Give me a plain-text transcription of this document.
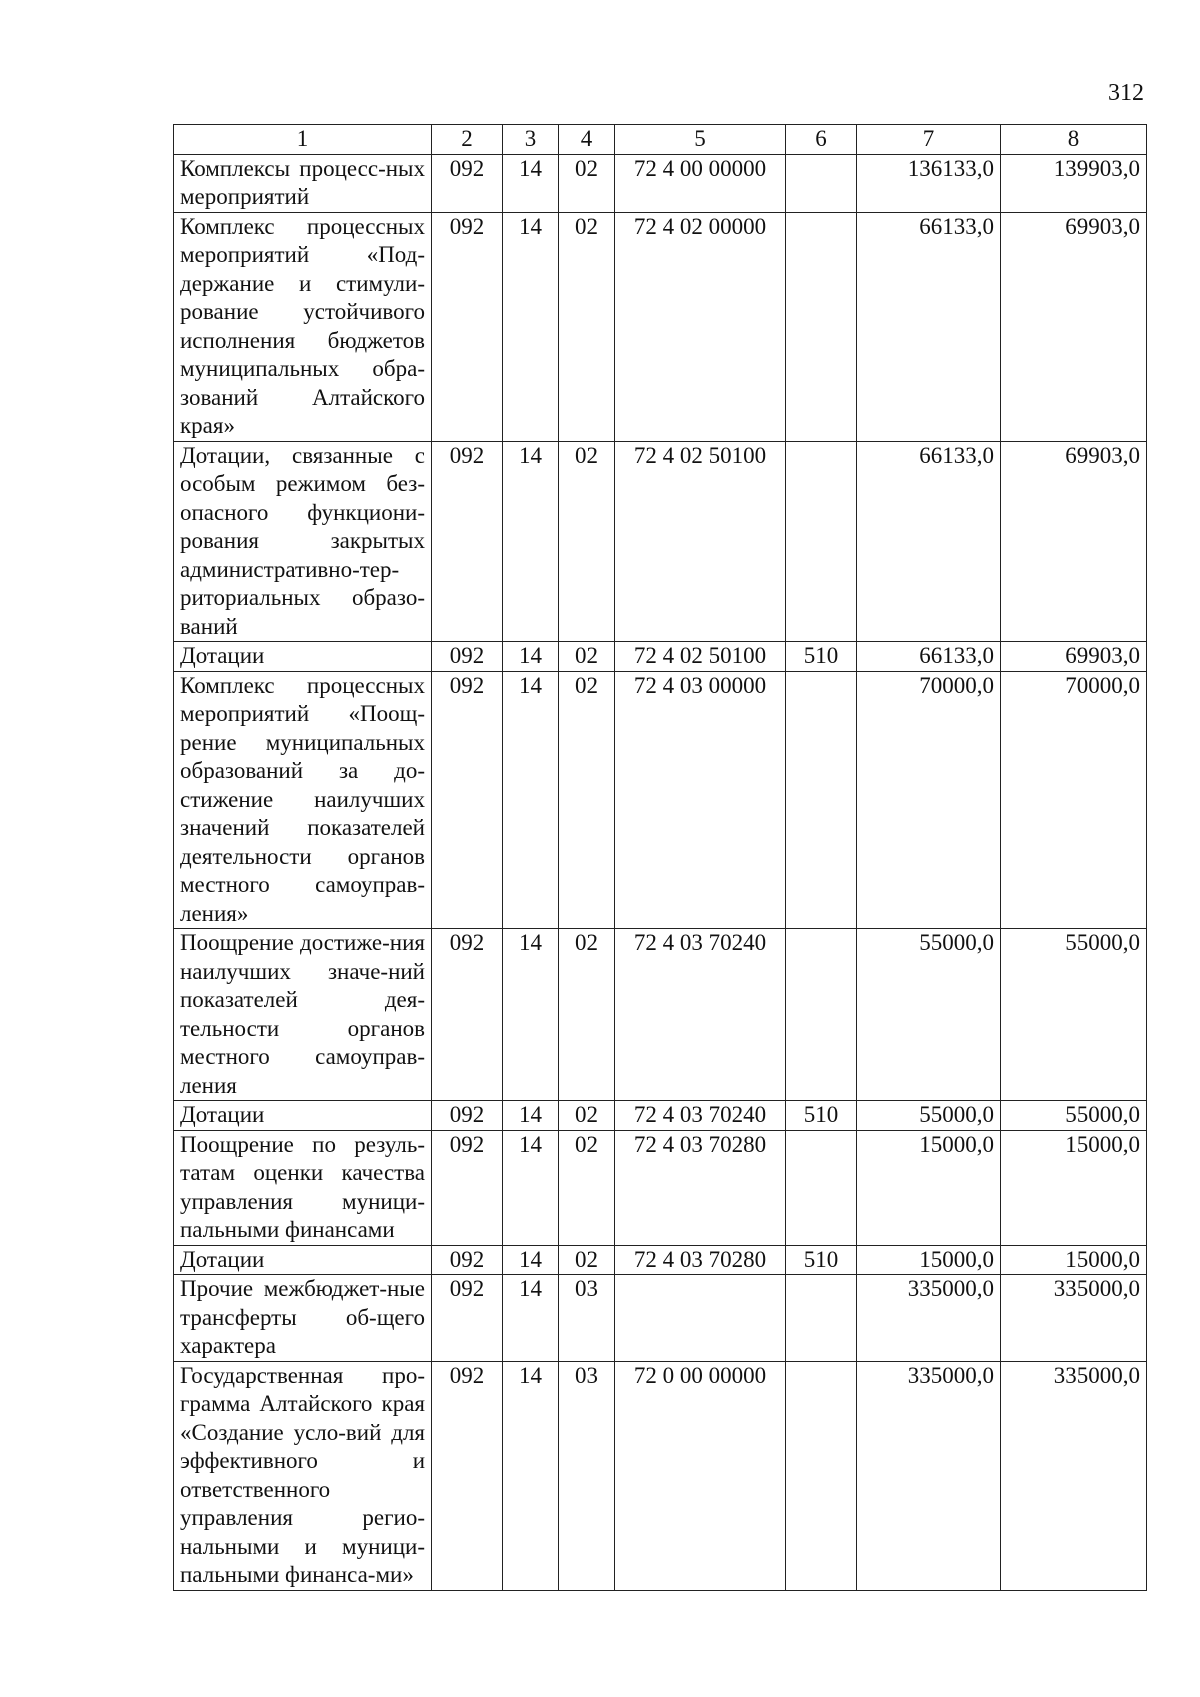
312
1	2	3	4	5	6	7	8
Комплексы процесс-ных мероприятий	092	14	02	72 4 00 00000		136133,0	139903,0
Комплекс процессных мероприятий «Под-держание и стимули-рование устойчивого исполнения бюджетов муниципальных обра-зований Алтайского края»	092	14	02	72 4 02 00000		66133,0	69903,0
Дотации, связанные с особым режимом без-опасного функциони-рования закрытых административно-тер-риториальных образо-ваний	092	14	02	72 4 02 50100		66133,0	69903,0
Дотации	092	14	02	72 4 02 50100	510	66133,0	69903,0
Комплекс процессных мероприятий «Поощ-рение муниципальных образований за до-стижение наилучших значений показателей деятельности органов местного самоуправ-ления»	092	14	02	72 4 03 00000		70000,0	70000,0
Поощрение достиже-ния наилучших значе-ний показателей дея-тельности органов местного самоуправ-ления	092	14	02	72 4 03 70240		55000,0	55000,0
Дотации	092	14	02	72 4 03 70240	510	55000,0	55000,0
Поощрение по резуль-татам оценки качества управления муници-пальными финансами	092	14	02	72 4 03 70280		15000,0	15000,0
Дотации	092	14	02	72 4 03 70280	510	15000,0	15000,0
Прочие межбюджет-ные трансферты об-щего характера	092	14	03			335000,0	335000,0
Государственная про-грамма Алтайского края «Создание усло-вий для эффективного и ответственного управления регио-нальными и муници-пальными финанса-ми»	092	14	03	72 0 00 00000		335000,0	335000,0
